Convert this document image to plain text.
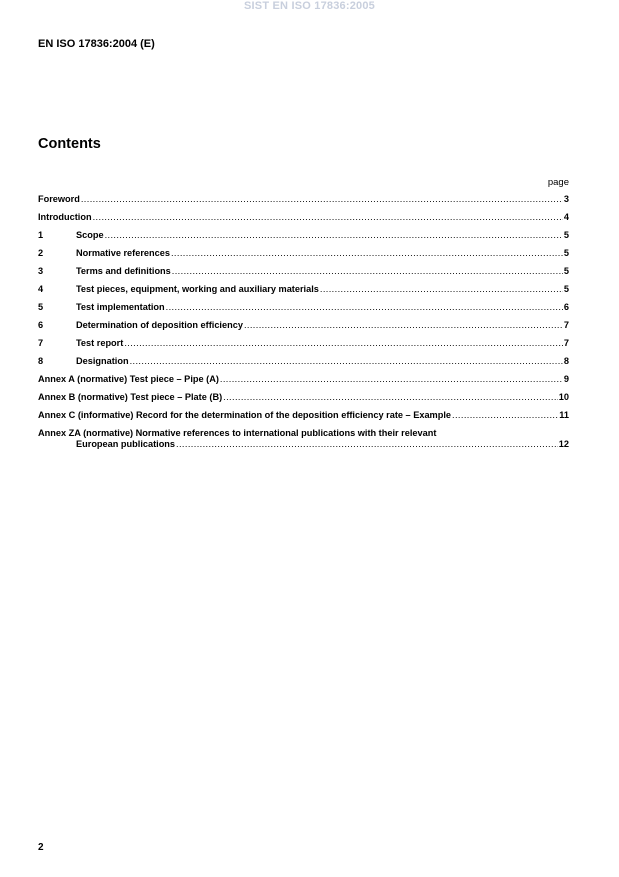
SIST EN ISO 17836:2005
EN ISO 17836:2004 (E)
Contents
page
Foreword .....	3
Introduction .....	4
1	Scope .....	5
2	Normative references .....	5
3	Terms and definitions .....	5
4	Test pieces, equipment, working and auxiliary materials .....	5
5	Test implementation .....	6
6	Determination of deposition efficiency .....	7
7	Test report .....	7
8	Designation .....	8
Annex A (normative) Test piece – Pipe (A) .....	9
Annex B (normative) Test piece – Plate (B) .....	10
Annex C (informative) Record for the determination of the deposition efficiency rate – Example .....	11
Annex ZA (normative) Normative references to international publications with their relevant
European publications .....	12
2
